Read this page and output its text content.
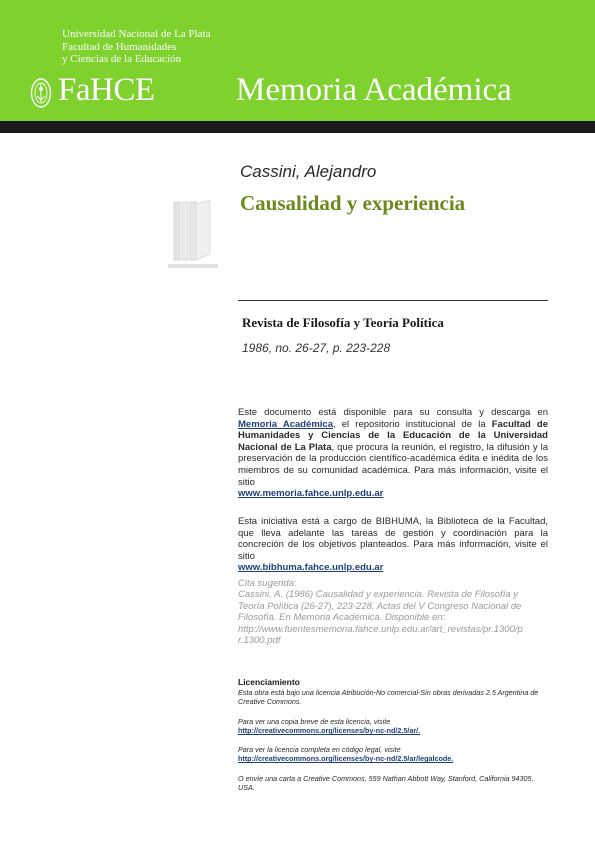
Universidad Nacional de La Plata
Facultad de Humanidades
y Ciencias de la Educación
FaHCE Memoria Académica
Cassini, Alejandro
Causalidad y experiencia
Revista de Filosofía y Teoría Política
1986, no. 26-27, p. 223-228
Este documento está disponible para su consulta y descarga en Memoria Académica, el repositorio institucional de la Facultad de Humanidades y Ciencias de la Educación de la Universidad Nacional de La Plata, que procura la reunión, el registro, la difusión y la preservación de la producción científico-académica édita e inédita de los miembros de su comunidad académica. Para más información, visite el sitio
www.memoria.fahce.unlp.edu.ar
Esta iniciativa está a cargo de BIBHUMA, la Biblioteca de la Facultad, que lleva adelante las tareas de gestión y coordinación para la concreción de los objetivos planteados. Para más información, visite el sitio
www.bibhuma.fahce.unlp.edu.ar
Cita sugerida:
Cassini, A. (1986) Causalidad y experiencia. Revista de Filosofía y
Teoría Política (26-27), 223-228. Actas del V Congreso Nacional de
Filosofía. En Memoria Académica. Disponible en:
http://www.fuentesmemoria.fahce.unlp.edu.ar/art_revistas/pr.1300/p
r.1300.pdf
Licenciamiento
Esta obra está bajo una licencia Atribución-No comercial-Sin obras derivadas 2.5 Argentina de Creative Commons.
Para ver una copia breve de esta licencia, visite
http://creativecommons.org/licenses/by-nc-nd/2.5/ar/.
Para ver la licencia completa en código legal, visite
http://creativecommons.org/licenses/by-nc-nd/2.5/ar/legalcode.
O envíe una carta a Creative Commons, 559 Nathan Abbott Way, Stanford, California 94305, USA.
